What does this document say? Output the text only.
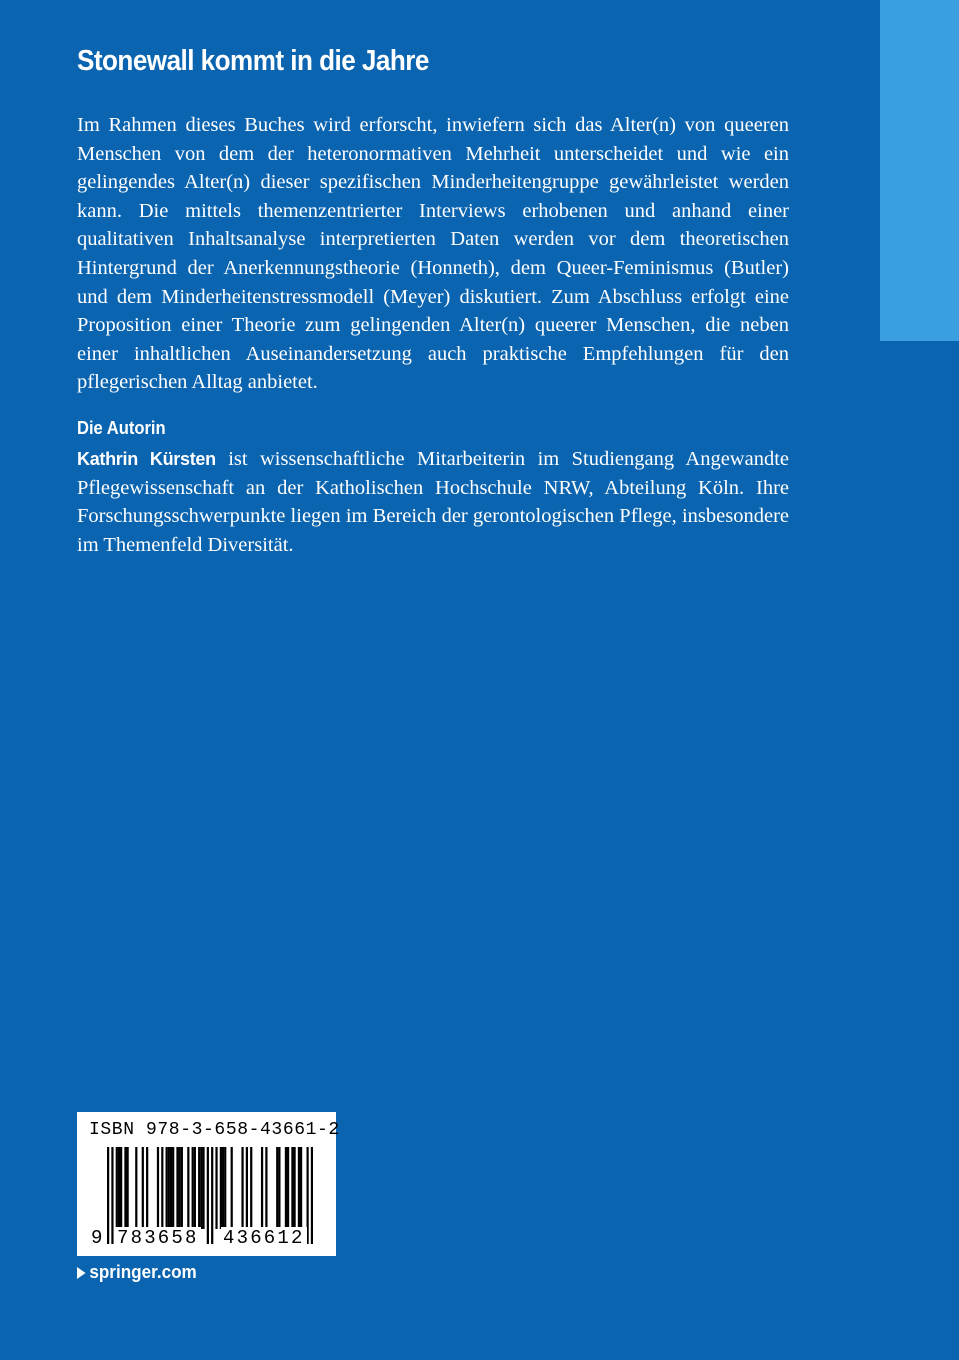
Stonewall kommt in die Jahre

Im Rahmen dieses Buches wird erforscht, inwiefern sich das Alter(n) von queeren Menschen von dem der heteronormativen Mehrheit unterscheidet und wie ein gelingendes Alter(n) dieser spezifischen Minderheitengruppe gewährleistet werden kann. Die mittels themenzentrierter Interviews erhobenen und anhand einer qualitativen Inhaltsanalyse interpretierten Daten werden vor dem theoretischen Hintergrund der Anerkennungstheorie (Honneth), dem Queer-Feminismus (Butler) und dem Minderheitenstressmodell (Meyer) diskutiert. Zum Abschluss erfolgt eine Proposition einer Theorie zum gelingenden Alter(n) queerer Menschen, die neben einer inhaltlichen Auseinandersetzung auch praktische Empfehlungen für den pflegerischen Alltag anbietet.

Die Autorin

Kathrin Kürsten ist wissenschaftliche Mitarbeiterin im Studiengang Angewandte Pflegewissenschaft an der Katholischen Hochschule NRW, Abteilung Köln. Ihre Forschungsschwerpunkte liegen im Bereich der gerontologischen Pflege, insbesondere im Themenfeld Diversität.

ISBN 978-3-658-43661-2
9 783658 436612
springer.com
